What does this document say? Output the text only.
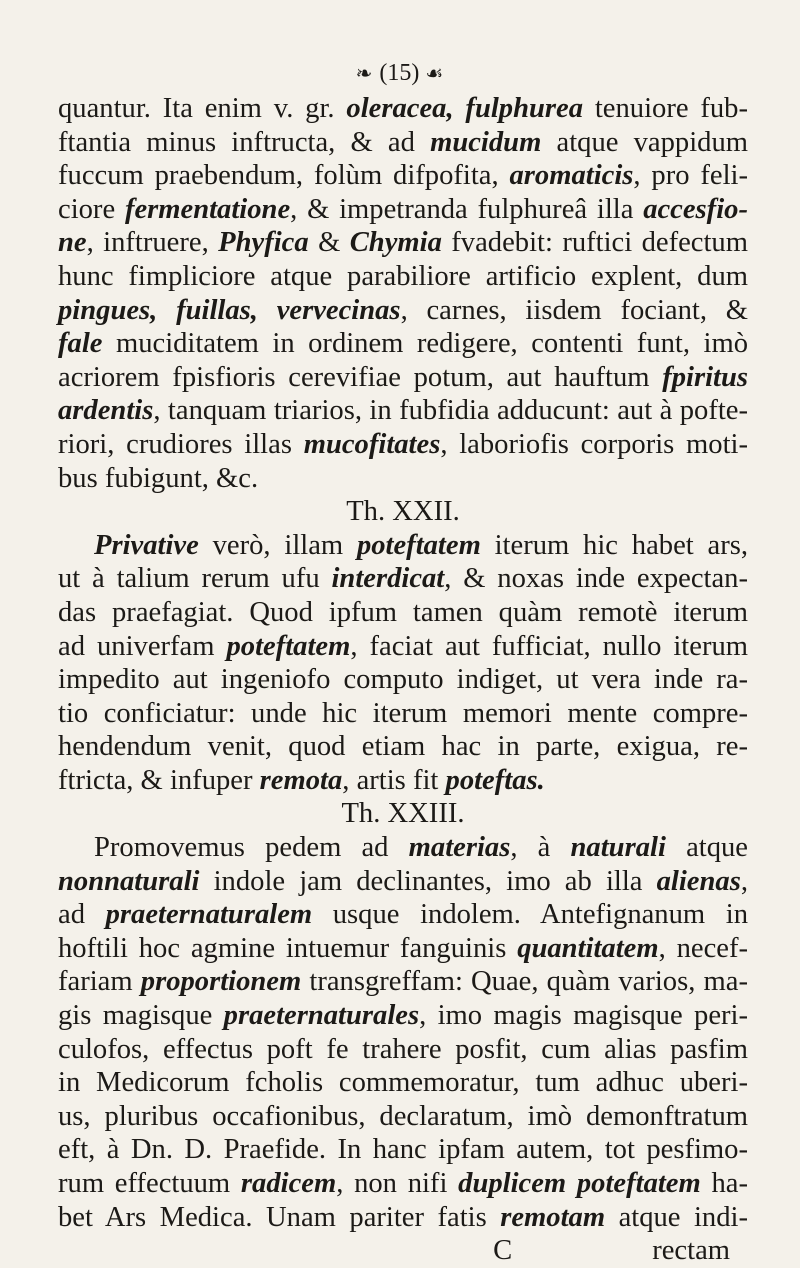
❧ (15) ☙
quantur. Ita enim v. gr. oleracea, fulphurea tenuiore fub-
ftantia minus inftructa, & ad mucidum atque vappidum
fuccum praebendum, folùm difpofita, aromaticis, pro feli-
ciore fermentatione, & impetranda fulphureâ illa accesfio-
ne, inftruere, Phyfica & Chymia fvadebit: ruftici defectum
hunc fimpliciore atque parabiliore artificio explent, dum
pingues, fuillas, vervecinas, carnes, iisdem fociant, &
fale muciditatem in ordinem redigere, contenti funt, imò
acriorem fpisfioris cerevifiae potum, aut hauftum fpiritus
ardentis, tanquam triarios, in fubfidia adducunt: aut à pofte-
riori, crudiores illas mucofitates, laboriofis corporis moti-
bus fubigunt, &c.
Th. XXII.
Privative verò, illam poteftatem iterum hic habet ars,
ut à talium rerum ufu interdicat, & noxas inde expectan-
das praefagiat. Quod ipfum tamen quàm remotè iterum
ad univerfam poteftatem, faciat aut fufficiat, nullo iterum
impedito aut ingeniofo computo indiget, ut vera inde ra-
tio conficiatur: unde hic iterum memori mente compre-
hendendum venit, quod etiam hac in parte, exigua, re-
ftricta, & infuper remota, artis fit poteftas.
Th. XXIII.
Promovemus pedem ad materias, à naturali atque
nonnaturali indole jam declinantes, imo ab illa alienas,
ad praeternaturalem usque indolem. Antefignanum in
hoftili hoc agmine intuemur fanguinis quantitatem, necef-
fariam proportionem transgreffam: Quae, quàm varios, ma-
gis magisque praeternaturales, imo magis magisque peri-
culofos, effectus poft fe trahere posfit, cum alias pasfim
in Medicorum fcholis commemoratur, tum adhuc uberi-
us, pluribus occafionibus, declaratum, imò demonftratum
eft, à Dn. D. Praefide. In hanc ipfam autem, tot pesfimo-
rum effectuum radicem, non nifi duplicem poteftatem ha-
bet Ars Medica. Unam pariter fatis remotam atque indi-
C	rectam
